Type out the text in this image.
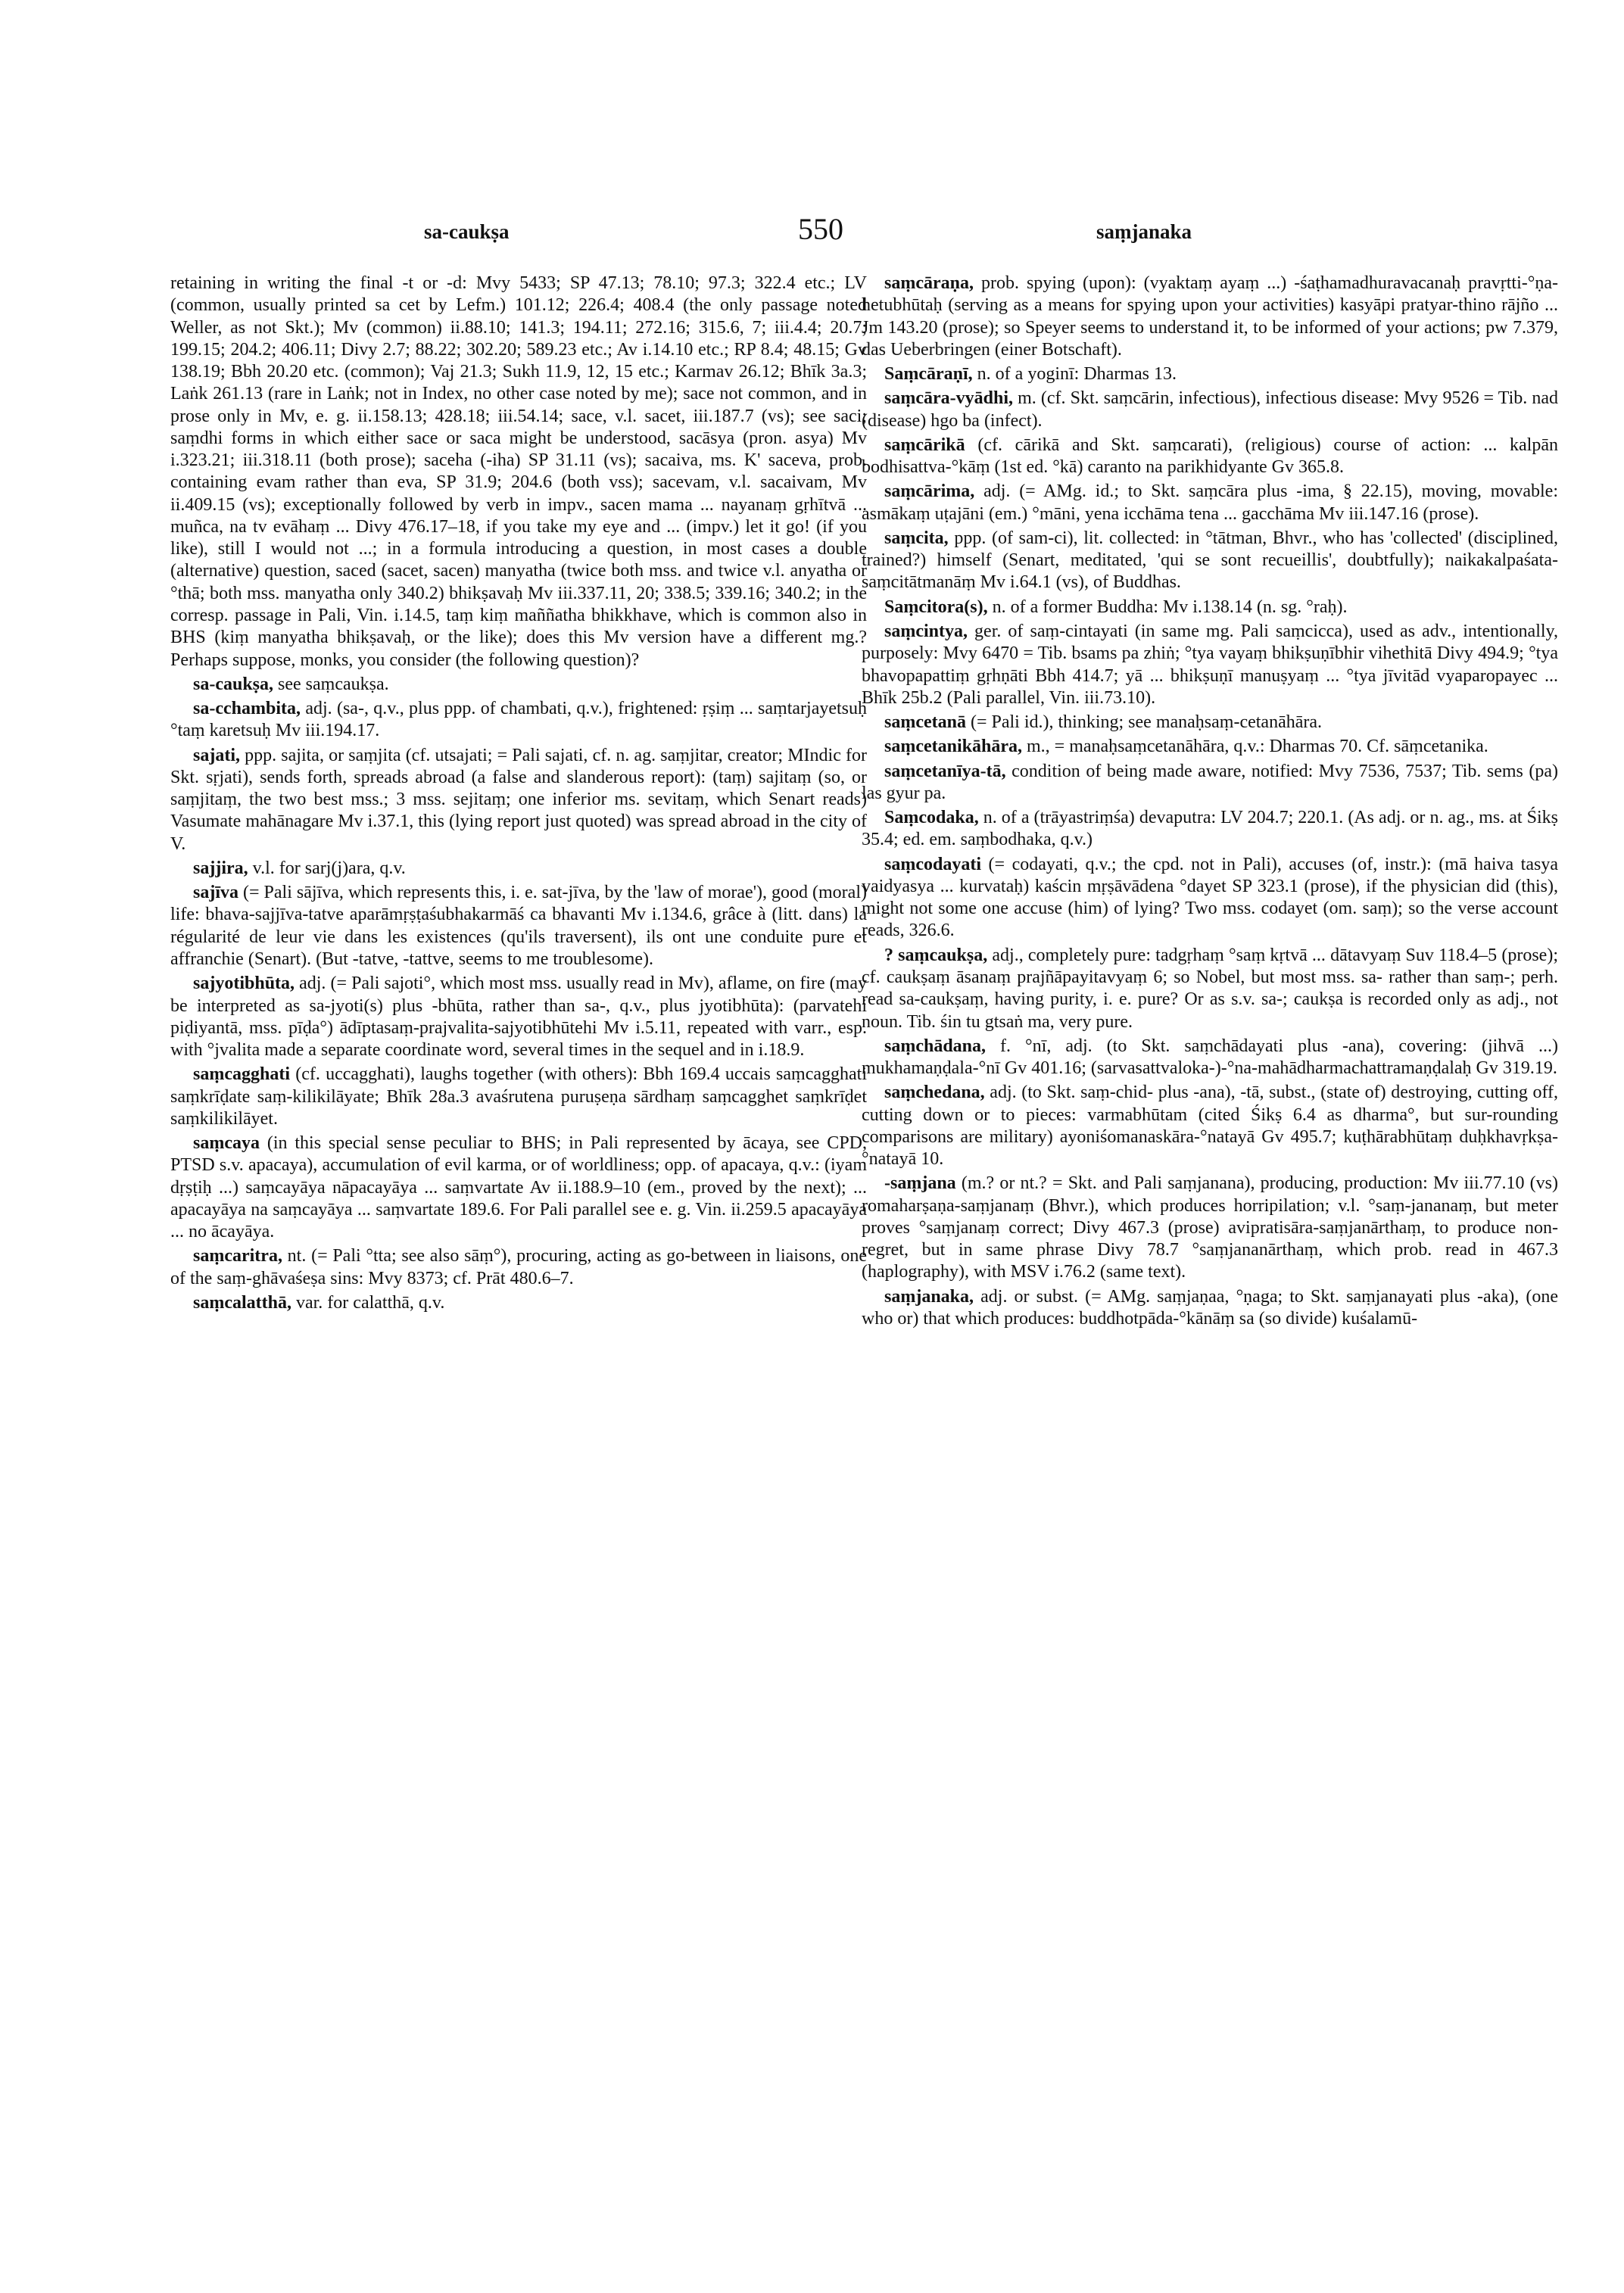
sa-caukṣa	550	saṃjanaka

retaining in writing the final -t or -d: Mvy 5433; SP 47.13; 78.10; 97.3; 322.4 etc.; LV (common, usually printed sa cet by Lefm.) 101.12; 226.4; 408.4 (the only passage noted Weller, as not Skt.); Mv (common) ii.88.10; 141.3; 194.11; 272.16; 315.6, 7; iii.4.4; 20.7; 199.15; 204.2; 406.11; Divy 2.7; 88.22; 302.20; 589.23 etc.; Av i.14.10 etc.; RP 8.4; 48.15; Gv 138.19; Bbh 20.20 etc. (common); Vaj 21.3; Sukh 11.9, 12, 15 etc.; Karmav 26.12; Bhīk 3a.3; Laṅk 261.13 (rare in Laṅk; not in Index, no other case noted by me); sace not common, and in prose only in Mv, e. g. ii.158.13; 428.18; iii.54.14; sace, v.l. sacet, iii.187.7 (vs); see saci; saṃdhi forms in which either sace or saca might be understood, sacāsya (pron. asya) Mv i.323.21; iii.318.11 (both prose); saceha (-iha) SP 31.11 (vs); sacaiva, ms. K' saceva, prob. containing evam rather than eva, SP 31.9; 204.6 (both vss); sacevam, v.l. sacaivam, Mv ii.409.15 (vs); exceptionally followed by verb in impv., sacen mama ... nayanaṃ gṛhītvā ... muñca, na tv evāhaṃ ... Divy 476.17–18, if you take my eye and ... (impv.) let it go! (if you like), still I would not ...; in a formula introducing a question, in most cases a double (alternative) question, saced (sacet, sacen) manyatha (twice both mss. and twice v.l. anyatha or °thā; both mss. manyatha only 340.2) bhikṣavaḥ Mv iii.337.11, 20; 338.5; 339.16; 340.2; in the corresp. passage in Pali, Vin. i.14.5, taṃ kiṃ maññatha bhikkhave, which is common also in BHS (kiṃ manyatha bhikṣavaḥ, or the like); does this Mv version have a different mg.? Perhaps suppose, monks, you consider (the following question)?

sa-caukṣa, see saṃcaukṣa.

sa-cchambita, adj. (sa-, q.v., plus ppp. of chambati, q.v.), frightened: ṛṣiṃ ... saṃtarjayetsuḥ °taṃ karetsuḥ Mv iii.194.17.

sajati, ppp. sajita, or saṃjita (cf. utsajati; = Pali sajati, cf. n. ag. saṃjitar, creator; MIndic for Skt. sṛjati), sends forth, spreads abroad (a false and slanderous report): (taṃ) sajitaṃ (so, or saṃjitaṃ, the two best mss.; 3 mss. sejitaṃ; one inferior ms. sevitaṃ, which Senart reads) Vasumate mahānagare Mv i.37.1, this (lying report just quoted) was spread abroad in the city of V.

sajjira, v.l. for sarj(j)ara, q.v.

sajīva (= Pali sājīva, which represents this, i. e. sat-jīva, by the 'law of morae'), good (moral) life: bhava-sajjīva-tatve aparāmṛṣṭaśubhakarmāś ca bhavanti Mv i.134.6, grâce à (litt. dans) la régularité de leur vie dans les existences (qu'ils traversent), ils ont une conduite pure et affranchie (Senart). (But -tatve, -tattve, seems to me troublesome).

sajyotibhūta, adj. (= Pali sajoti°, which most mss. usually read in Mv), aflame, on fire (may be interpreted as sa-jyoti(s) plus -bhūta, rather than sa-, q.v., plus jyotibhūta): (parvatehi piḍiyantā, mss. pīḍa°) ādīptasaṃ-prajvalita-sajyotibhūtehi Mv i.5.11, repeated with varr., esp. with °jvalita made a separate coordinate word, several times in the sequel and in i.18.9.

saṃcagghati (cf. uccagghati), laughs together (with others): Bbh 169.4 uccais saṃcagghati saṃkrīḍate saṃ-kilikilāyate; Bhīk 28a.3 avaśrutena puruṣeṇa sārdhaṃ saṃcagghet saṃkrīḍet saṃkilikilāyet.

saṃcaya (in this special sense peculiar to BHS; in Pali represented by ācaya, see CPD, PTSD s.v. apacaya), accumulation of evil karma, or of worldliness; opp. of apacaya, q.v.: (iyam dṛṣṭiḥ ...) saṃcayāya nāpacayāya ... saṃvartate Av ii.188.9–10 (em., proved by the next); ... apacayāya na saṃcayāya ... saṃvartate 189.6. For Pali parallel see e. g. Vin. ii.259.5 apacayāya ... no ācayāya.

saṃcaritra, nt. (= Pali °tta; see also sāṃ°), procuring, acting as go-between in liaisons, one of the saṃ-ghāvaśeṣa sins: Mvy 8373; cf. Prāt 480.6–7.

saṃcalatthā, var. for calatthā, q.v.

saṃcāraṇa, prob. spying (upon): (vyaktaṃ ayaṃ ...) -śaṭhamadhuravacanaḥ pravṛtti-°ṇa-hetubhūtaḥ (serving as a means for spying upon your activities) kasyāpi pratyar-thino rājño ... Jm 143.20 (prose); so Speyer seems to understand it, to be informed of your actions; pw 7.379, das Ueberbringen (einer Botschaft).

Saṃcāraṇī, n. of a yoginī: Dharmas 13.

saṃcāra-vyādhi, m. (cf. Skt. saṃcārin, infectious), infectious disease: Mvy 9526 = Tib. nad (disease) hgo ba (infect).

saṃcārikā (cf. cārikā and Skt. saṃcarati), (religious) course of action: ... kalpān bodhisattva-°kāṃ (1st ed. °kā) caranto na parikhidyante Gv 365.8.

saṃcārima, adj. (= AMg. id.; to Skt. saṃcāra plus -ima, § 22.15), moving, movable: asmākaṃ uṭajāni (em.) °māni, yena icchāma tena ... gacchāma Mv iii.147.16 (prose).

saṃcita, ppp. (of sam-ci), lit. collected: in °tātman, Bhvr., who has 'collected' (disciplined, trained?) himself (Senart, meditated, 'qui se sont recueillis', doubtfully); naikakalpaśata-saṃcitātmanāṃ Mv i.64.1 (vs), of Buddhas.

Saṃcitora(s), n. of a former Buddha: Mv i.138.14 (n. sg. °raḥ).

saṃcintya, ger. of saṃ-cintayati (in same mg. Pali saṃcicca), used as adv., intentionally, purposely: Mvy 6470 = Tib. bsams pa zhiṅ; °tya vayaṃ bhikṣuṇībhir vihethitā Divy 494.9; °tya bhavopapattiṃ gṛhṇāti Bbh 414.7; yā ... bhikṣuṇī manuṣyaṃ ... °tya jīvitād vyaparopayec ... Bhīk 25b.2 (Pali parallel, Vin. iii.73.10).

saṃcetanā (= Pali id.), thinking; see manaḥsaṃ-cetanāhāra.

saṃcetanikāhāra, m., = manaḥsaṃcetanāhāra, q.v.: Dharmas 70. Cf. sāṃcetanika.

saṃcetanīya-tā, condition of being made aware, notified: Mvy 7536, 7537; Tib. sems (pa) las gyur pa.

Saṃcodaka, n. of a (trāyastriṃśa) devaputra: LV 204.7; 220.1. (As adj. or n. ag., ms. at Śikṣ 35.4; ed. em. saṃbodhaka, q.v.)

saṃcodayati (= codayati, q.v.; the cpd. not in Pali), accuses (of, instr.): (mā haiva tasya vaidyasya ... kurvataḥ) kaścin mṛṣāvādena °dayet SP 323.1 (prose), if the physician did (this), might not some one accuse (him) of lying? Two mss. codayet (om. saṃ); so the verse account reads, 326.6.

? saṃcaukṣa, adj., completely pure: tadgṛhaṃ °saṃ kṛtvā ... dātavyaṃ Suv 118.4–5 (prose); cf. caukṣaṃ āsanaṃ prajñāpayitavyaṃ 6; so Nobel, but most mss. sa- rather than saṃ-; perh. read sa-caukṣaṃ, having purity, i. e. pure? Or as s.v. sa-; caukṣa is recorded only as adj., not noun. Tib. śin tu gtsaṅ ma, very pure.

saṃchādana, f. °nī, adj. (to Skt. saṃchādayati plus -ana), covering: (jihvā ...) mukhamaṇḍala-°nī Gv 401.16; (sarvasattvaloka-)-°na-mahādharmachattramaṇḍalaḥ Gv 319.19.

saṃchedana, adj. (to Skt. saṃ-chid- plus -ana), -tā, subst., (state of) destroying, cutting off, cutting down or to pieces: varmabhūtam (cited Śikṣ 6.4 as dharma°, but sur-rounding comparisons are military) ayoniśomanaskāra-°natayā Gv 495.7; kuṭhārabhūtaṃ duḥkhavṛkṣa-°natayā 10.

-saṃjana (m.? or nt.? = Skt. and Pali saṃjanana), producing, production: Mv iii.77.10 (vs) romaharṣaṇa-saṃjanaṃ (Bhvr.), which produces horripilation; v.l. °saṃ-jananaṃ, but meter proves °saṃjanaṃ correct; Divy 467.3 (prose) avipratisāra-saṃjanārthaṃ, to produce non-regret, but in same phrase Divy 78.7 °saṃjananārthaṃ, which prob. read in 467.3 (haplography), with MSV i.76.2 (same text).

saṃjanaka, adj. or subst. (= AMg. saṃjaṇaa, °ṇaga; to Skt. saṃjanayati plus -aka), (one who or) that which produces: buddhotpāda-°kānāṃ sa (so divide) kuśalamū-
